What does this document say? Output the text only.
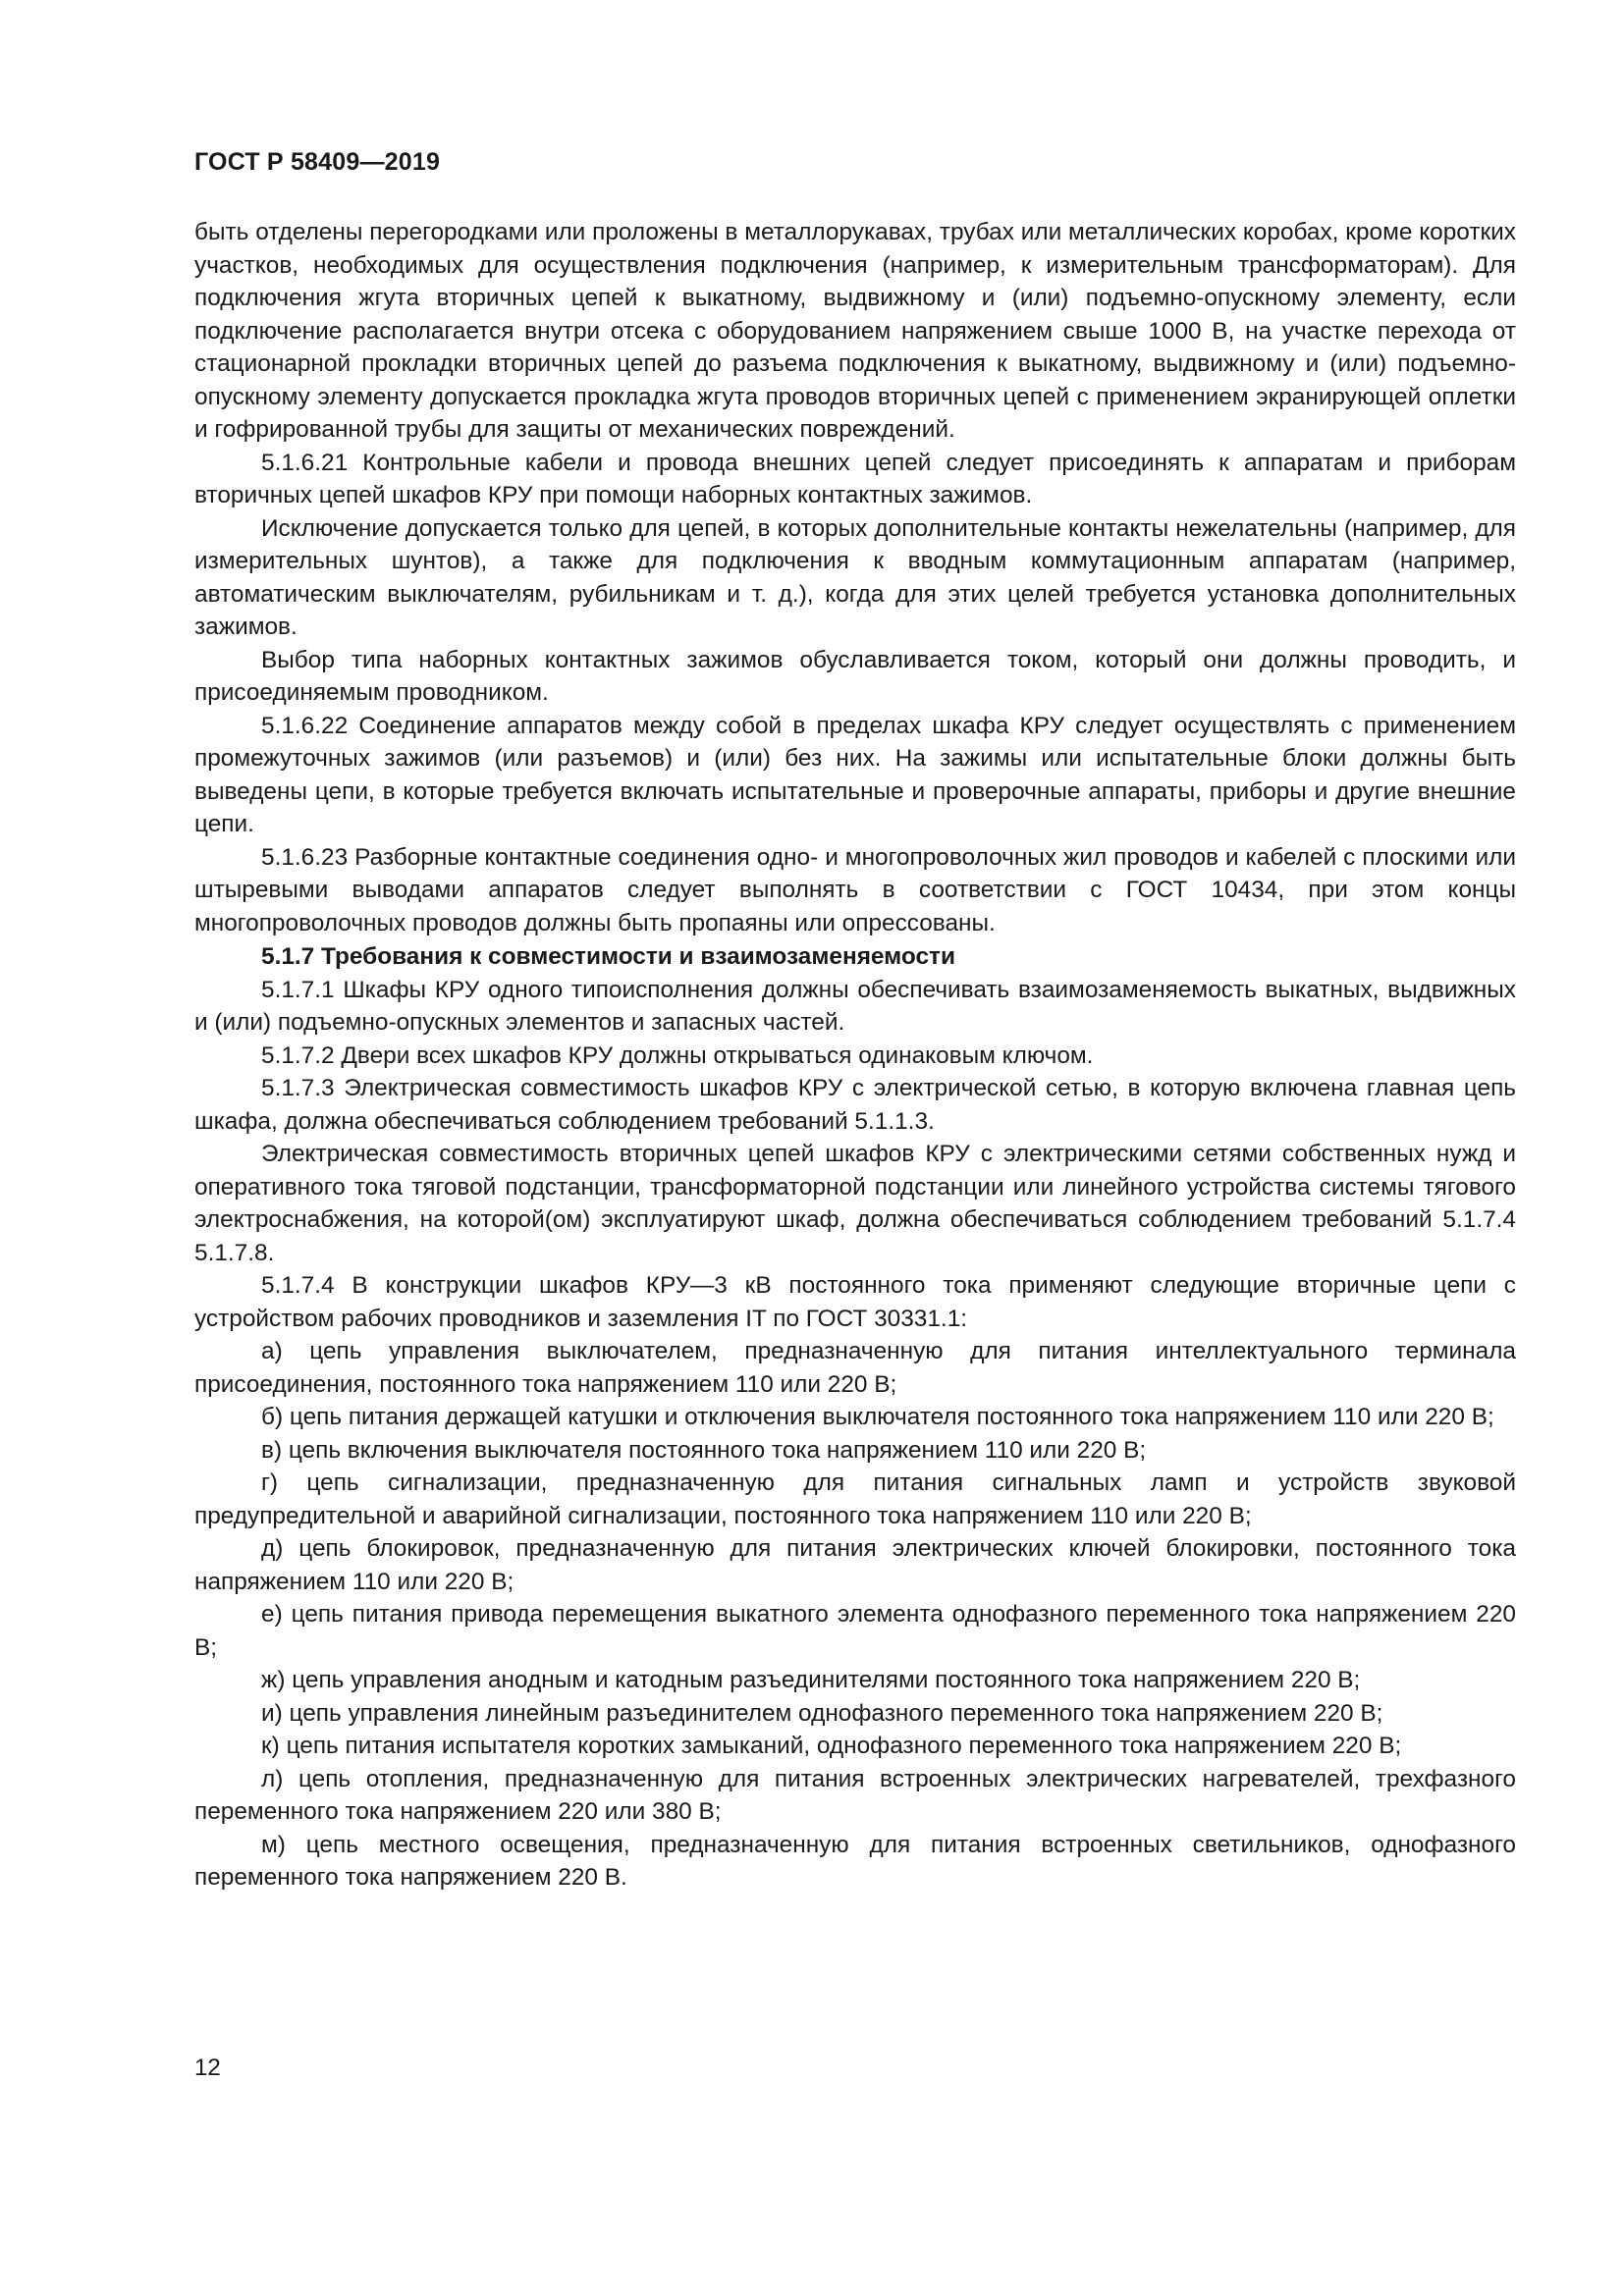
ГОСТ Р 58409—2019

быть отделены перегородками или проложены в металлорукавах, трубах или металлических коробах, кроме коротких участков, необходимых для осуществления подключения (например, к измерительным трансформаторам). Для подключения жгута вторичных цепей к выкатному, выдвижному и (или) подъемно-опускному элементу, если подключение располагается внутри отсека с оборудованием напряжением свыше 1000 В, на участке перехода от стационарной прокладки вторичных цепей до разъема подключения к выкатному, выдвижному и (или) подъемно-опускному элементу допускается прокладка жгута проводов вторичных цепей с применением экранирующей оплетки и гофрированной трубы для защиты от механических повреждений.

5.1.6.21 Контрольные кабели и провода внешних цепей следует присоединять к аппаратам и приборам вторичных цепей шкафов КРУ при помощи наборных контактных зажимов.

Исключение допускается только для цепей, в которых дополнительные контакты нежелательны (например, для измерительных шунтов), а также для подключения к вводным коммутационным аппаратам (например, автоматическим выключателям, рубильникам и т. д.), когда для этих целей требуется установка дополнительных зажимов.

Выбор типа наборных контактных зажимов обуславливается током, который они должны проводить, и присоединяемым проводником.

5.1.6.22 Соединение аппаратов между собой в пределах шкафа КРУ следует осуществлять с применением промежуточных зажимов (или разъемов) и (или) без них. На зажимы или испытательные блоки должны быть выведены цепи, в которые требуется включать испытательные и проверочные аппараты, приборы и другие внешние цепи.

5.1.6.23 Разборные контактные соединения одно- и многопроволочных жил проводов и кабелей с плоскими или штыревыми выводами аппаратов следует выполнять в соответствии с ГОСТ 10434, при этом концы многопроволочных проводов должны быть пропаяны или опрессованы.

5.1.7 Требования к совместимости и взаимозаменяемости

5.1.7.1 Шкафы КРУ одного типоисполнения должны обеспечивать взаимозаменяемость выкатных, выдвижных и (или) подъемно-опускных элементов и запасных частей.

5.1.7.2 Двери всех шкафов КРУ должны открываться одинаковым ключом.

5.1.7.3 Электрическая совместимость шкафов КРУ с электрической сетью, в которую включена главная цепь шкафа, должна обеспечиваться соблюдением требований 5.1.1.3.

Электрическая совместимость вторичных цепей шкафов КРУ с электрическими сетями собственных нужд и оперативного тока тяговой подстанции, трансформаторной подстанции или линейного устройства системы тягового электроснабжения, на которой(ом) эксплуатируют шкаф, должна обеспечиваться соблюдением требований 5.1.7.4 5.1.7.8.

5.1.7.4 В конструкции шкафов КРУ—3 кВ постоянного тока применяют следующие вторичные цепи с устройством рабочих проводников и заземления IT по ГОСТ 30331.1:

а) цепь управления выключателем, предназначенную для питания интеллектуального терминала присоединения, постоянного тока напряжением 110 или 220 В;

б) цепь питания держащей катушки и отключения выключателя постоянного тока напряжением 110 или 220 В;

в) цепь включения выключателя постоянного тока напряжением 110 или 220 В;

г) цепь сигнализации, предназначенную для питания сигнальных ламп и устройств звуковой предупредительной и аварийной сигнализации, постоянного тока напряжением 110 или 220 В;

д) цепь блокировок, предназначенную для питания электрических ключей блокировки, постоянного тока напряжением 110 или 220 В;

е) цепь питания привода перемещения выкатного элемента однофазного переменного тока напряжением 220 В;

ж) цепь управления анодным и катодным разъединителями постоянного тока напряжением 220 В;

и) цепь управления линейным разъединителем однофазного переменного тока напряжением 220 В;

к) цепь питания испытателя коротких замыканий, однофазного переменного тока напряжением 220 В;

л) цепь отопления, предназначенную для питания встроенных электрических нагревателей, трехфазного переменного тока напряжением 220 или 380 В;

м) цепь местного освещения, предназначенную для питания встроенных светильников, однофазного переменного тока напряжением 220 В.

12
